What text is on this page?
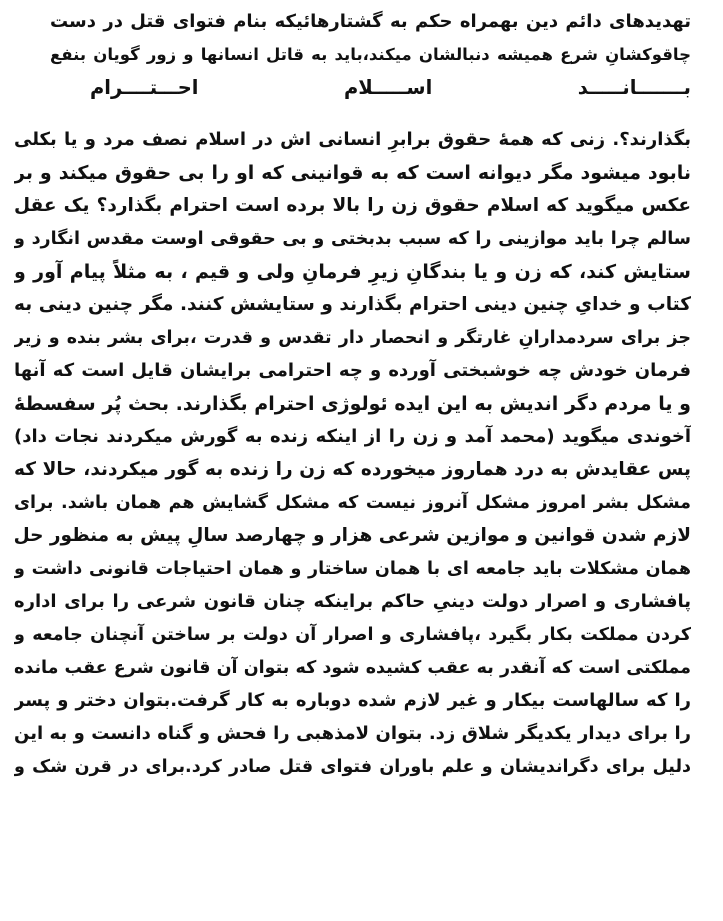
تهدیدهای دائم دین بهمراه حکم به گشتارهائیکه بنام فتوای قتل در دست
چاقوکشانِ شرع همیشه دنبالشان میکند،باید به قاتل انسانها و زور گویان بنفع
بـــــــانـــــد اســـــلام احـــتــــرام
بگذارند؟. زنی که همهٔ حقوق برابرِ انسانی اش در اسلام نصف مرد و یا بکلی
نابود میشود مگر دیوانه است که به قوانینی که او را بی حقوق میکند و بر
عکس میگوید که اسلام حقوق زن را بالا برده است احترام بگذارد؟ یک عقل
سالم چرا باید موازینی را که سبب بدبختی و بی حقوقی اوست مقدس انگارد و
ستایش کند، که زن و یا بندگانِ زیرِ فرمانِ ولی و قیم ، به مثلاً پیام آور و
کتاب و خدایِ چنین دینی احترام بگذارند و ستایشش کنند. مگر چنین دینی به
جز برای سردمدارانِ غارتگر و انحصار دار تقدس و قدرت ،برای بشر بنده و زیر
فرمان خودش چه خوشبختی آورده و چه احترامی برایشان قایل است که آنها
و یا مردم دگر اندیش به این ایده ئولوژی احترام بگذارند. بحث پُر سفسطهٔ
آخوندی میگوید (محمد آمد و زن را از اینکه زنده به گورش میکردند نجات داد)
پس عقایدش به درد هماروز میخورده که زن را زنده به گور میکردند، حالا که
مشکل بشر امروز مشکل آنروز نیست که مشکل گشایش هم همان باشد. برای
لازم شدن قوانین و موازین شرعی هزار و چهارصد سالِ پیش به منظور حل
همان مشکلات باید جامعه ای با همان ساختار و همان احتیاجات قانونی داشت و
پافشاری و اصرار دولت دینیِ حاکم براینکه چنان قانون شرعی را برای اداره
کردن مملکت بکار بگیرد ،پافشاری و اصرار آن دولت بر ساختن آنچنان جامعه و
مملکتی است که آنقدر به عقب کشیده شود که بتوان آن قانون شرع عقب مانده
را که سالهاست بیکار و غیر لازم شده دوباره به کار گرفت.بتوان دختر و پسر
را برای دیدار یکدیگر شلاق زد. بتوان لامذهبی را فحش و گناه دانست و به این
دلیل برای دگراندیشان و علم باوران فتوای قتل صادر کرد.برای در قرن شک و
